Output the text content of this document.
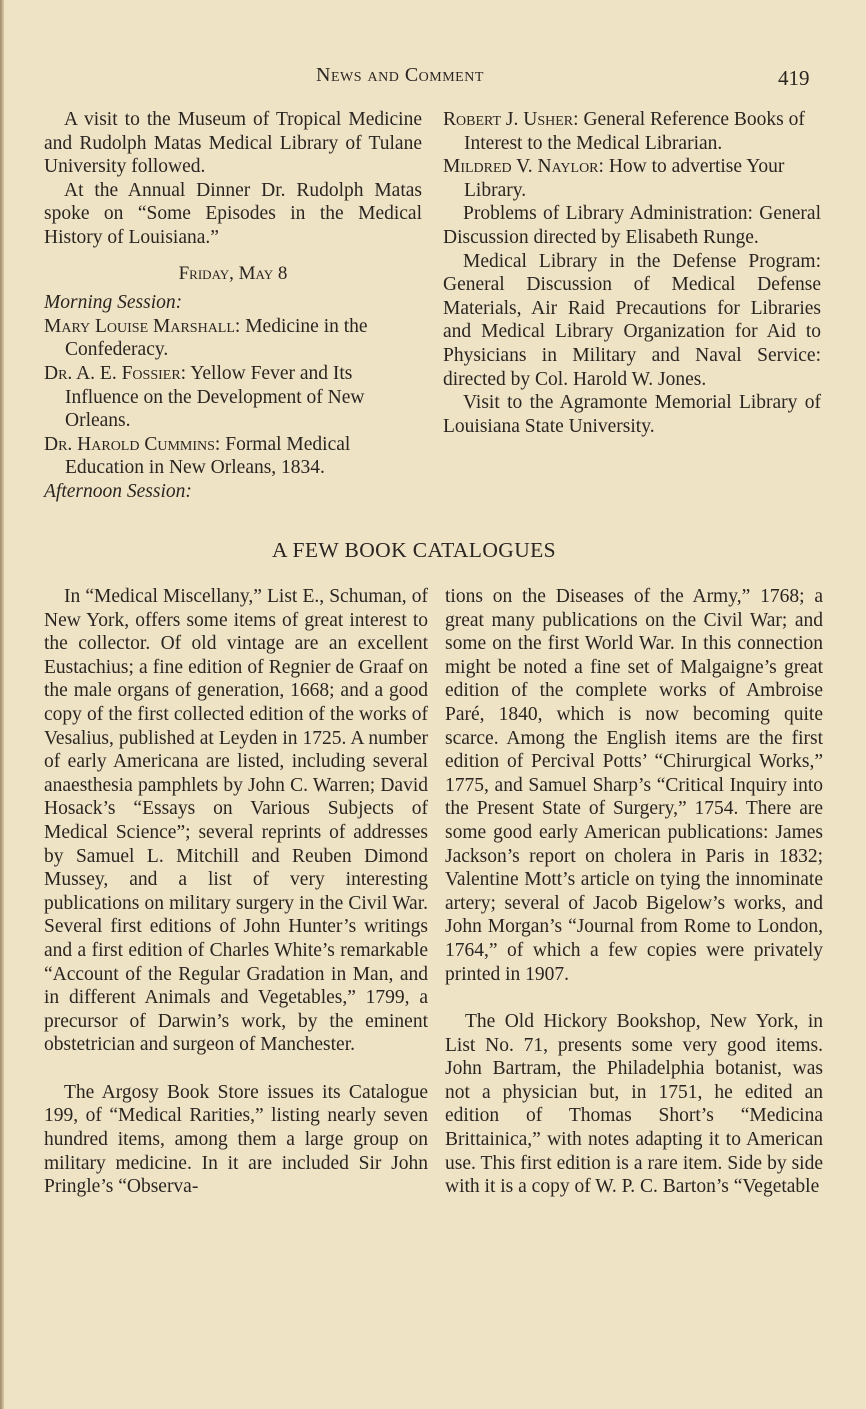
News and Comment	419

A visit to the Museum of Tropical Medicine and Rudolph Matas Medical Library of Tulane University followed.

At the Annual Dinner Dr. Rudolph Matas spoke on “Some Episodes in the Medical History of Louisiana.”

Friday, May 8

Morning Session:

Mary Louise Marshall: Medicine in the Confederacy.

Dr. A. E. Fossier: Yellow Fever and Its Influence on the Development of New Orleans.

Dr. Harold Cummins: Formal Medical Education in New Orleans, 1834.

Afternoon Session:

Robert J. Usher: General Reference Books of Interest to the Medical Librarian.

Mildred V. Naylor: How to advertise Your Library.

Problems of Library Administration: General Discussion directed by Elisabeth Runge.

Medical Library in the Defense Program: General Discussion of Medical Defense Materials, Air Raid Precautions for Libraries and Medical Library Organization for Aid to Physicians in Military and Naval Service: directed by Col. Harold W. Jones.

Visit to the Agramonte Memorial Library of Louisiana State University.

A FEW BOOK CATALOGUES

In “Medical Miscellany,” List E., Schuman, of New York, offers some items of great interest to the collector. Of old vintage are an excellent Eustachius; a fine edition of Regnier de Graaf on the male organs of generation, 1668; and a good copy of the first collected edition of the works of Vesalius, published at Leyden in 1725. A number of early Americana are listed, including several anaesthesia pamphlets by John C. Warren; David Hosack’s “Essays on Various Subjects of Medical Science”; several reprints of addresses by Samuel L. Mitchill and Reuben Dimond Mussey, and a list of very interesting publications on military surgery in the Civil War. Several first editions of John Hunter’s writings and a first edition of Charles White’s remarkable “Account of the Regular Gradation in Man, and in different Animals and Vegetables,” 1799, a precursor of Darwin’s work, by the eminent obstetrician and surgeon of Manchester.

The Argosy Book Store issues its Catalogue 199, of “Medical Rarities,” listing nearly seven hundred items, among them a large group on military medicine. In it are included Sir John Pringle’s “Observa-

tions on the Diseases of the Army,” 1768; a great many publications on the Civil War; and some on the first World War. In this connection might be noted a fine set of Malgaigne’s great edition of the complete works of Ambroise Paré, 1840, which is now becoming quite scarce. Among the English items are the first edition of Percival Potts’ “Chirurgical Works,” 1775, and Samuel Sharp’s “Critical Inquiry into the Present State of Surgery,” 1754. There are some good early American publications: James Jackson’s report on cholera in Paris in 1832; Valentine Mott’s article on tying the innominate artery; several of Jacob Bigelow’s works, and John Morgan’s “Journal from Rome to London, 1764,” of which a few copies were privately printed in 1907.

The Old Hickory Bookshop, New York, in List No. 71, presents some very good items. John Bartram, the Philadelphia botanist, was not a physician but, in 1751, he edited an edition of Thomas Short’s “Medicina Brittainica,” with notes adapting it to American use. This first edition is a rare item. Side by side with it is a copy of W. P. C. Barton’s “Vegetable
